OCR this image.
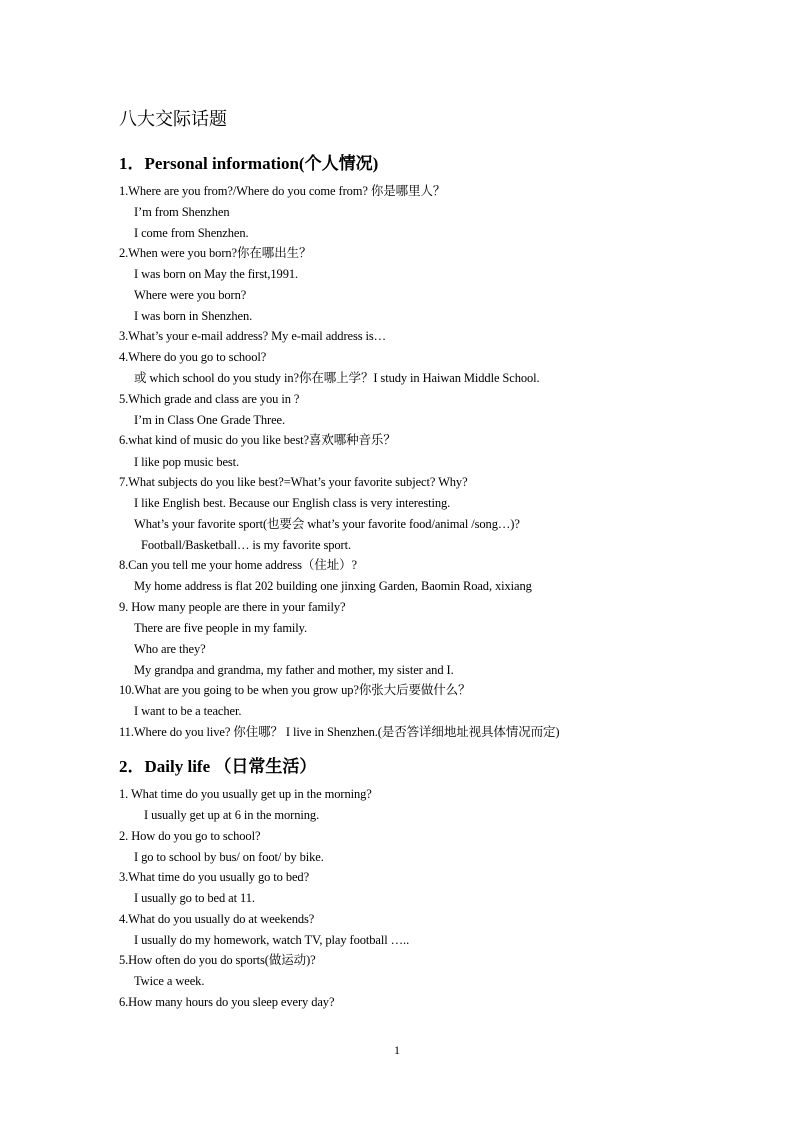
八大交际话题
1．Personal information(个人情况)
1.Where are you from?/Where do you come from? 你是哪里人？
I’m from Shenzhen
I come from Shenzhen.
2.When were you born?你在哪出生？
I was born on May the first,1991.
Where were you born?
I was born in Shenzhen.
3.What’s your e-mail address? My e-mail address is…
4.Where do you go to school?
或 which school do you study in?你在哪上学？I study in Haiwan Middle School.
5.Which grade and class are you in ?
I’m in Class One Grade Three.
6.what kind of music do you like best?喜欢哪种音乐？
I like pop music best.
7.What subjects do you like best?=What’s your favorite subject? Why?
I like English best. Because our English class is very interesting.
What’s your favorite sport(也要会 what’s your favorite food/animal /song…)?
Football/Basketball… is my favorite sport.
8.Can you tell me your home address（住址）?
My home address is flat 202 building one jinxing Garden, Baomin Road, xixiang
9. How many people are there in your family?
There are five people in my family.
Who are they?
My grandpa and grandma, my father and mother, my sister and I.
10.What are you going to be when you grow up?你张大后要做什么？
I want to be a teacher.
11.Where do you live? 你住哪？ I live in Shenzhen.(是否答详细地址视具体情况而定)
2．Daily life （日常生活）
1. What time do you usually get up in the morning?
I usually get up at 6 in the morning.
2. How do you go to school?
I go to school by bus/ on foot/ by bike.
3.What time do you usually go to bed?
I usually go to bed at 11.
4.What do you usually do at weekends?
I usually do my homework, watch TV, play football …..
5.How often do you do sports(做运动)?
Twice a week.
6.How many hours do you sleep every day?
1
